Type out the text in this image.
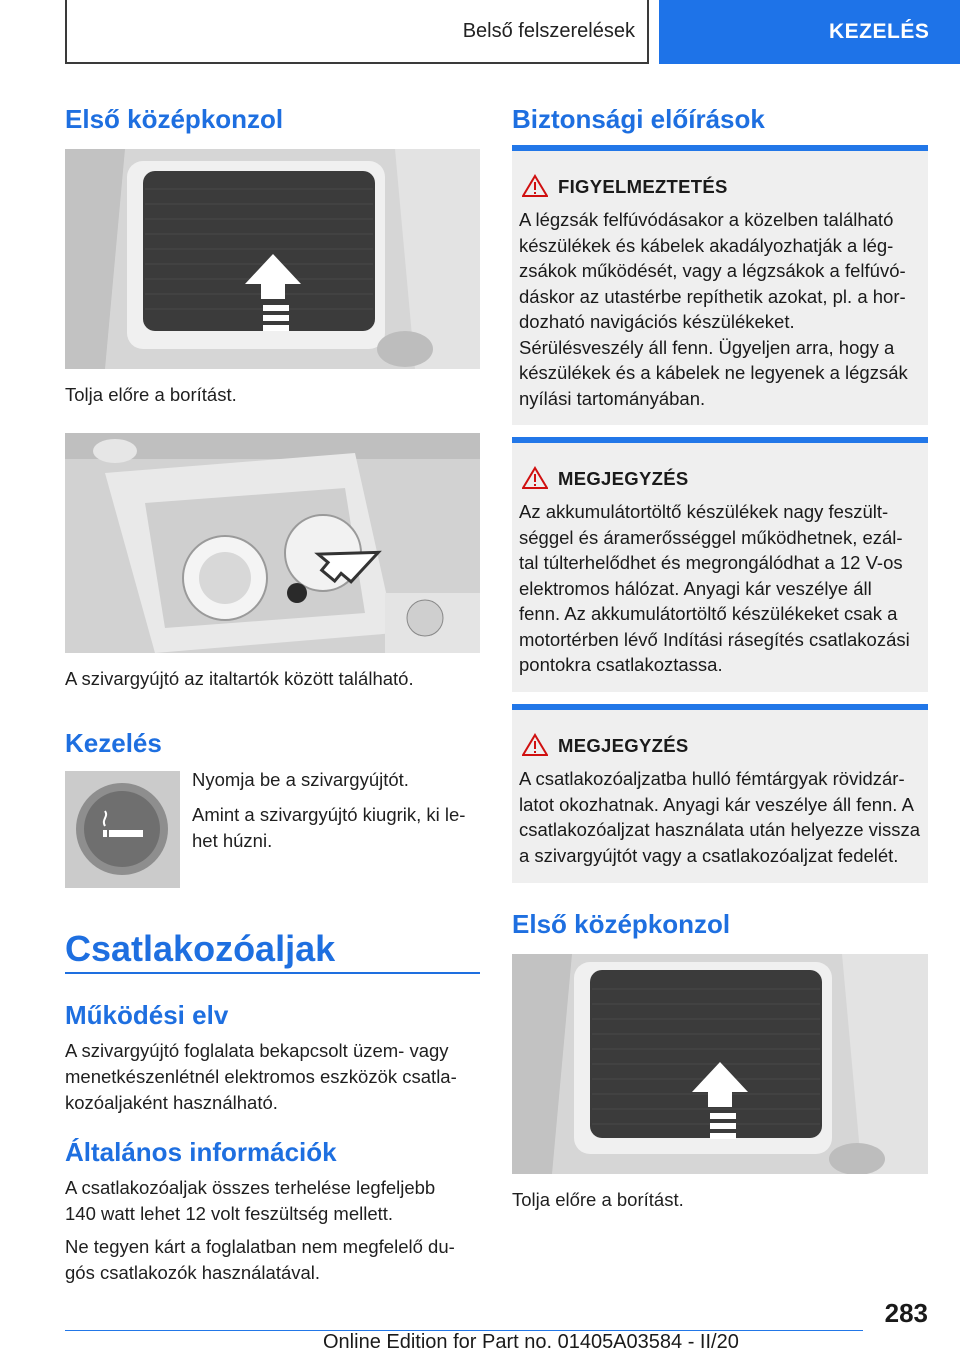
Belső felszerelések	KEZELÉS
Első középkonzol

Tolja előre a borítást.

A szivargyújtó az italtartók között található.

Kezelés

Nyomja be a szivargyújtót.

Amint a szivargyújtó kiugrik, ki le-

het húzni.

Csatlakozóaljak
Működési elv

A szivargyújtó foglalata bekapcsolt üzem- vagy

menetkészenlétnél elektromos eszközök csatla-

kozóaljaként használható.

Általános információk

A csatlakozóaljak összes terhelése legfeljebb

140 watt lehet 12 volt feszültség mellett.

Ne tegyen kárt a foglalatban nem megfelelő du-

gós csatlakozók használatával.

Biztonsági előírások
FIGYELMEZTETÉS
A légzsák felfúvódásakor a közelben található
készülékek és kábelek akadályozhatják a lég-
zsákok működését, vagy a légzsákok a felfúvó-
dáskor az utastérbe repíthetik azokat, pl. a hor-
dozható navigációs készülékeket.
Sérülésveszély áll fenn. Ügyeljen arra, hogy a
készülékek és a kábelek ne legyenek a légzsák
nyílási tartományában.
MEGJEGYZÉS
Az akkumulátortöltő készülékek nagy feszült-
séggel és áramerősséggel működhetnek, ezál-
tal túlterhelődhet és megrongálódhat a 12 V-os
elektromos hálózat. Anyagi kár veszélye áll
fenn. Az akkumulátortöltő készülékeket csak a
motortérben lévő Indítási rásegítés csatlakozási
pontokra csatlakoztassa.
MEGJEGYZÉS
A csatlakozóaljzatba hulló fémtárgyak rövidzár-
latot okozhatnak. Anyagi kár veszélye áll fenn. A
csatlakozóaljzat használata után helyezze vissza
a szivargyújtót vagy a csatlakozóaljzat fedelét.
Első középkonzol

Tolja előre a borítást.

283
Online Edition for Part no. 01405A03584 - II/20
